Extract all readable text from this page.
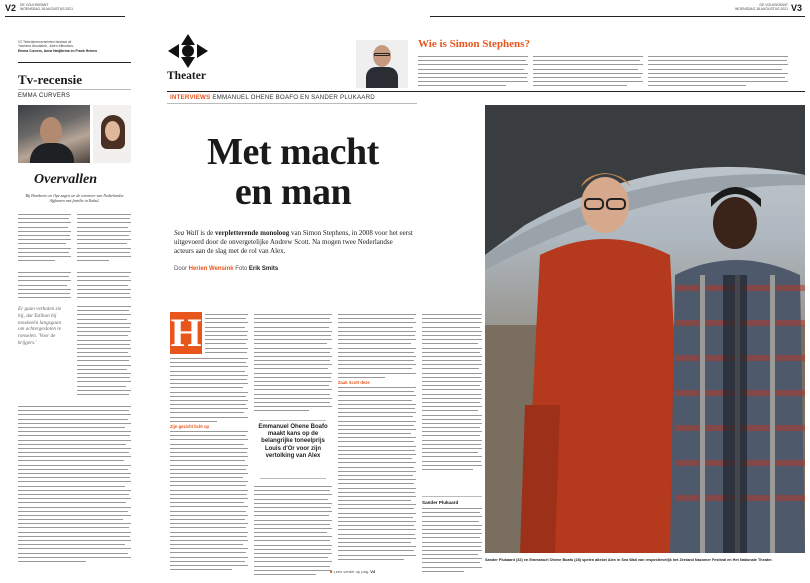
V2 DE VOLKSKRANT
WOENSDAG 18 AUGUSTUS 2021
V2 Televisierecensenten bestaat uit
Yasmina Aboutaleb, Julien Althuisius,
Emma Curvers, Anna Hadjibrina en Frank Heinen
Tv-recensie
EMMA CURVERS
Overvallen
Bij Humberto en Opz zagen we de weemoer van Nederlandse Afghanen met familie in Kabul.
Er gaan verhalen zie hij, dat Taliban bij moskeeën langsgaan om achtergesloten te ronselen. 'Voor de krijgers.'
DE VOLKSKRANT
WOENSDAG 18 AUGUSTUS 2021 V3
Theater
Wie is Simon Stephens?
INTERVIEWS EMMANUEL OHENE BOAFO EN SANDER PLUKAARD
Met macht
en man
Sea Wall is de verpletterende monoloog van Simon Stephens, in 2008 voor het eerst uitgevoerd door de onvergetelijke Andrew Scott. Na mogen twee Nederlandse acteurs aan de slag met de rol van Alex.
Door Herien Wensink Foto Erik Smits
H
Zijn gezicht licht op	Emmanuel Ohene Boafo maakt kans op de belangrijke toneelprijs Louis d'Or voor zijn vertolking van Alex
Zaak Scott deze
Sander Plukaard
■ Lees verder op pag. V4
Sander Plukaard (32) en Emmanuel Ohene Boafo (28) spelen allebei Alex in Sea Wall van respectievelijk het Zeeland Nazomer Festival en Het Nationale Theater.
